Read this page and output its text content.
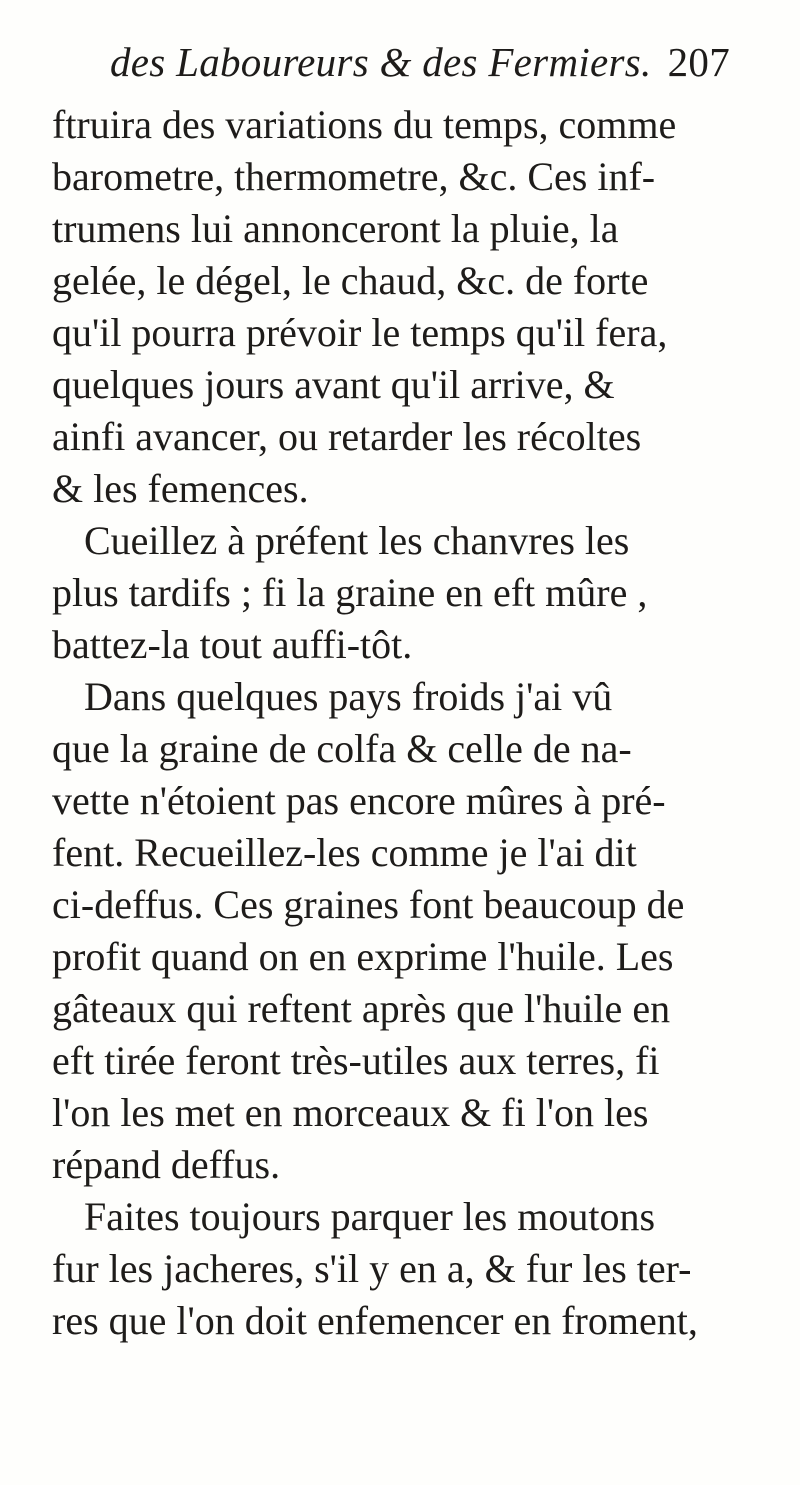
des Laboureurs & des Fermiers. 207
ftruira des variations du temps, comme
barometre, thermometre, &c. Ces inf-
trumens lui annonceront la pluie, la
gelée, le dégel, le chaud, &c. de forte
qu'il pourra prévoir le temps qu'il fera,
quelques jours avant qu'il arrive, &
ainfi avancer, ou retarder les récoltes
& les femences.
Cueillez à préfent les chanvres les
plus tardifs ; fi la graine en eft mûre ,
battez-la tout auffi-tôt.
Dans quelques pays froids j'ai vû
que la graine de colfa & celle de na-
vette n'étoient pas encore mûres à pré-
fent. Recueillez-les comme je l'ai dit
ci-deffus. Ces graines font beaucoup de
profit quand on en exprime l'huile. Les
gâteaux qui reftent après que l'huile en
eft tirée feront très-utiles aux terres, fi
l'on les met en morceaux & fi l'on les
répand deffus.
Faites toujours parquer les moutons
fur les jacheres, s'il y en a, & fur les ter-
res que l'on doit enfemencer en froment,
